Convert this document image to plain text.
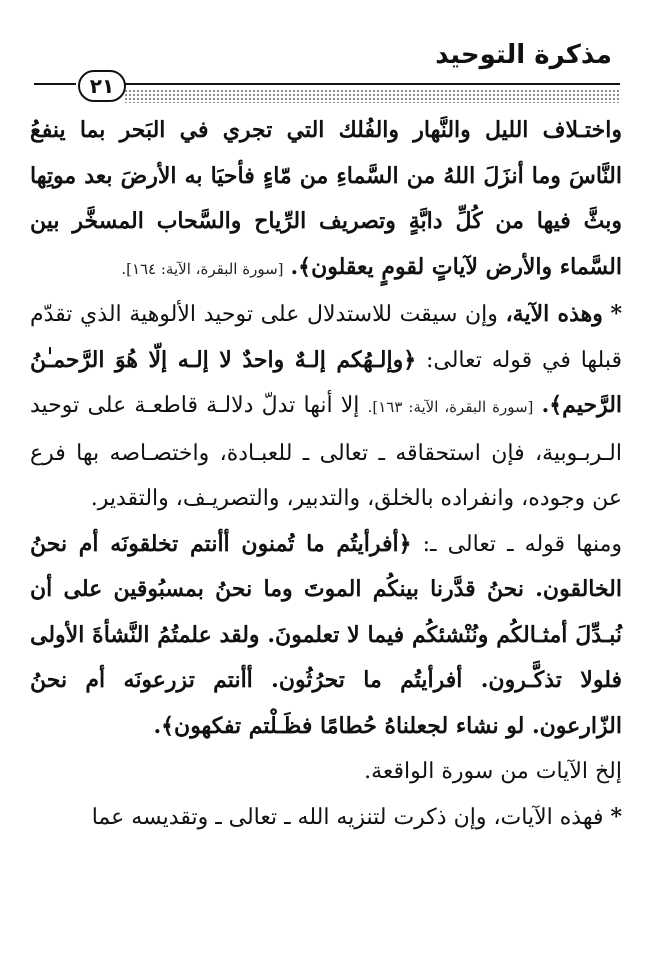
مذكرة التوحيد
٢١

واختـلاف الليل والنَّهار والفُلك التي تجري في البَحر بما ينفعُ النَّاسَ وما أنزَلَ اللهُ من السَّماءِ من مّاءٍ فأحيَا به الأرضَ بعد موتِها وبثَّ فيها من كُلِّ دابَّةٍ وتصريف الرِّياح والسَّحاب المسخَّر بين السَّماء والأرض لآياتٍ لقومٍ يعقلون﴾. [سورة البقرة، الآية: ١٦٤].

* وهذه الآية، وإن سيقت للاستدلال على توحيد الألوهية الذي تقدّم قبلها في قوله تعالى: ﴿وإلـهُكم إلـهٌ واحدٌ لا إلـه إلّا هُوَ الرَّحمـٰنُ الرَّحيم﴾. [سورة البقرة، الآية: ١٦٣]. إلا أنها تدلّ دلالـة قاطعـة على توحيد الـربـوبية، فإن استحقاقه ـ تعالى ـ للعبـادة، واختصـاصه بها فرع عن وجوده، وانفراده بالخلق، والتدبير، والتصريـف، والتقدير.

ومنها قوله ـ تعالى ـ: ﴿أفرأيتُم ما تُمنون أأنتم تخلقونَه أم نحنُ الخالقون. نحنُ قدَّرنا بينكُم الموتَ وما نحنُ بمسبُوقين على أن نُبـدِّلَ أمثـالكُم ونُنْشئكُم فيما لا تعلمونَ. ولقد علمتُمُ النَّشأةَ الأولى فلولا تذكَّـرون. أفرأيتُم ما تحرُثُون. أأنتم تزرعونَه أم نحنُ الزّارعون. لو نشاء لجعلناهُ حُطامًا فظَـلْتم تفكهون﴾.
إلخ الآيات من سورة الواقعة.

* فهذه الآيات، وإن ذكرت لتنزيه الله ـ تعالى ـ وتقديسه عما
